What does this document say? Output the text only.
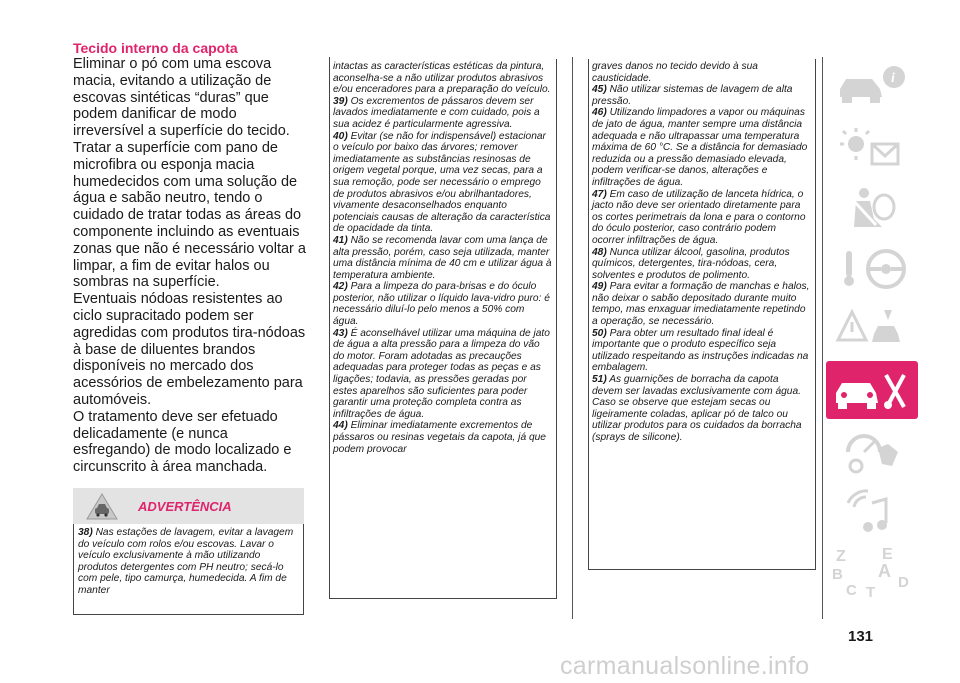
Tecido interno da capota

Eliminar o pó com uma escova macia, evitando a utilização de escovas sintéticas “duras” que podem danificar de modo irreversível a superfície do tecido.

Tratar a superfície com pano de microfibra ou esponja macia humedecidos com uma solução de água e sabão neutro, tendo o cuidado de tratar todas as áreas do componente incluindo as eventuais zonas que não é necessário voltar a limpar, a fim de evitar halos ou sombras na superfície.

Eventuais nódoas resistentes ao ciclo supracitado podem ser agredidas com produtos tira-nódoas à base de diluentes brandos disponíveis no mercado dos acessórios de embelezamento para automóveis.

O tratamento deve ser efetuado delicadamente (e nunca esfregando) de modo localizado e circunscrito à área manchada.

ADVERTÊNCIA

38) Nas estações de lavagem, evitar a lavagem do veículo com rolos e/ou escovas. Lavar o veículo exclusivamente à mão utilizando produtos detergentes com PH neutro; secá-lo com pele, tipo camurça, humedecida. A fim de manter

intactas as características estéticas da pintura, aconselha-se a não utilizar produtos abrasivos e/ou enceradores para a preparação do veículo.

39) Os excrementos de pássaros devem ser lavados imediatamente e com cuidado, pois a sua acidez é particularmente agressiva.

40) Evitar (se não for indispensável) estacionar o veículo por baixo das árvores; remover imediatamente as substâncias resinosas de origem vegetal porque, uma vez secas, para a sua remoção, pode ser necessário o emprego de produtos abrasivos e/ou abrilhantadores, vivamente desaconselhados enquanto potenciais causas de alteração da característica de opacidade da tinta.

41) Não se recomenda lavar com uma lança de alta pressão, porém, caso seja utilizada, manter uma distância mínima de 40 cm e utilizar água à temperatura ambiente.

42) Para a limpeza do para-brisas e do óculo posterior, não utilizar o líquido lava-vidro puro: é necessário diluí-lo pelo menos a 50% com água.

43) É aconselhável utilizar uma máquina de jato de água a alta pressão para a limpeza do vão do motor. Foram adotadas as precauções adequadas para proteger todas as peças e as ligações; todavia, as pressões geradas por estes aparelhos são suficientes para poder garantir uma proteção completa contra as infiltrações de água.

44) Eliminar imediatamente excrementos de pássaros ou resinas vegetais da capota, já que podem provocar

graves danos no tecido devido à sua causticidade.

45) Não utilizar sistemas de lavagem de alta pressão.

46) Utilizando limpadores a vapor ou máquinas de jato de água, manter sempre uma distância adequada e não ultrapassar uma temperatura máxima de 60 °C. Se a distância for demasiado reduzida ou a pressão demasiado elevada, podem verificar-se danos, alterações e infiltrações de água.

47) Em caso de utilização de lanceta hídrica, o jacto não deve ser orientado diretamente para os cortes perimetrais da lona e para o contorno do óculo posterior, caso contrário podem ocorrer infiltrações de água.

48) Nunca utilizar álcool, gasolina, produtos químicos, detergentes, tira-nódoas, cera, solventes e produtos de polimento.

49) Para evitar a formação de manchas e halos, não deixar o sabão depositado durante muito tempo, mas enxaguar imediatamente repetindo a operação, se necessário.

50) Para obter um resultado final ideal é importante que o produto específico seja utilizado respeitando as instruções indicadas na embalagem.

51) As guarnições de borracha da capota devem ser lavadas exclusivamente com água. Caso se observe que estejam secas ou ligeiramente coladas, aplicar pó de talco ou utilizar produtos para os cuidados da borracha (sprays de silicone).

i
Z E
B A
C T
D
131
carmanualsonline.info
